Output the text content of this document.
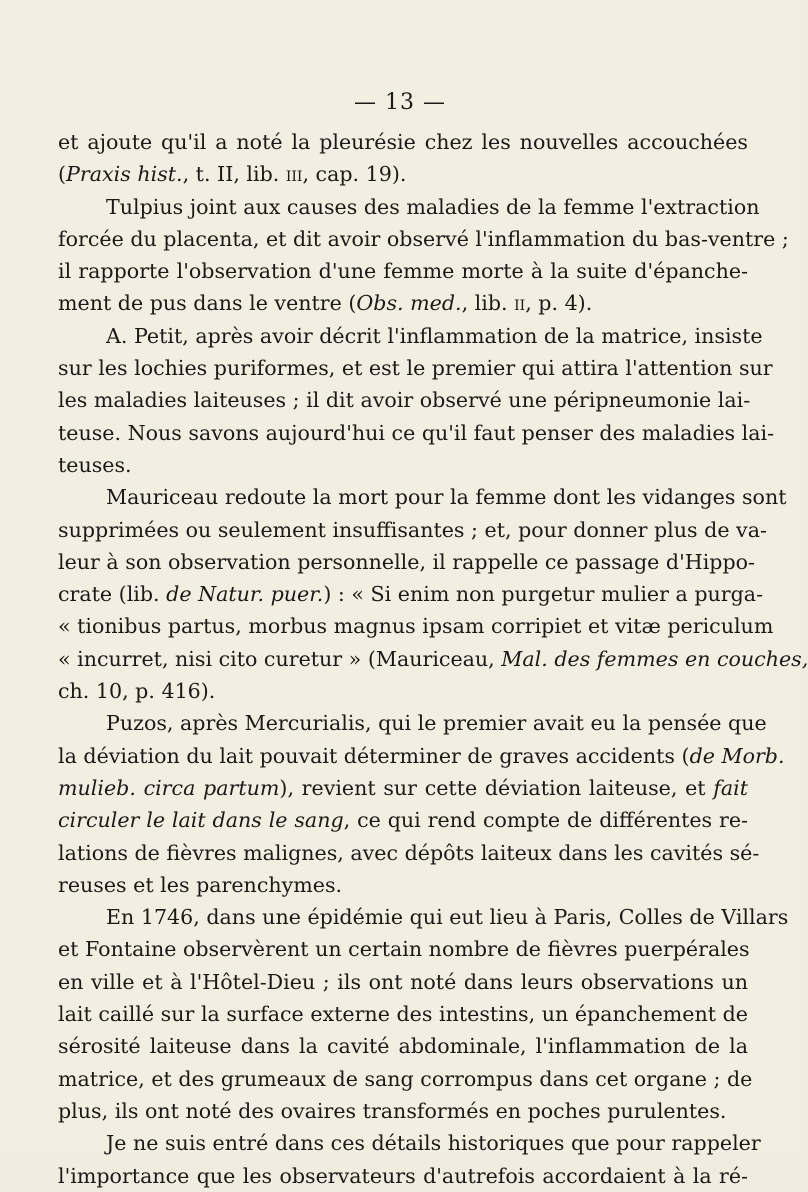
— 13 —
et ajoute qu'il a noté la pleurésie chez les nouvelles accouchées
(Praxis hist., t. II, lib. iii, cap. 19).
Tulpius joint aux causes des maladies de la femme l'extraction
forcée du placenta, et dit avoir observé l'inflammation du bas-ventre ;
il rapporte l'observation d'une femme morte à la suite d'épanche-
ment de pus dans le ventre (Obs. med., lib. ii, p. 4).
A. Petit, après avoir décrit l'inflammation de la matrice, insiste
sur les lochies puriformes, et est le premier qui attira l'attention sur
les maladies laiteuses ; il dit avoir observé une péripneumonie lai-
teuse. Nous savons aujourd'hui ce qu'il faut penser des maladies lai-
teuses.
Mauriceau redoute la mort pour la femme dont les vidanges sont
supprimées ou seulement insuffisantes ; et, pour donner plus de va-
leur à son observation personnelle, il rappelle ce passage d'Hippo-
crate (lib. de Natur. puer.) : « Si enim non purgetur mulier a purga-
« tionibus partus, morbus magnus ipsam corripiet et vitæ periculum
« incurret, nisi cito curetur » (Mauriceau, Mal. des femmes en couches,
ch. 10, p. 416).
Puzos, après Mercurialis, qui le premier avait eu la pensée que
la déviation du lait pouvait déterminer de graves accidents (de Morb.
mulieb. circa partum), revient sur cette déviation laiteuse, et fait
circuler le lait dans le sang, ce qui rend compte de différentes re-
lations de fièvres malignes, avec dépôts laiteux dans les cavités sé-
reuses et les parenchymes.
En 1746, dans une épidémie qui eut lieu à Paris, Colles de Villars
et Fontaine observèrent un certain nombre de fièvres puerpérales
en ville et à l'Hôtel-Dieu ; ils ont noté dans leurs observations un
lait caillé sur la surface externe des intestins, un épanchement de
sérosité laiteuse dans la cavité abdominale, l'inflammation de la
matrice, et des grumeaux de sang corrompus dans cet organe ; de
plus, ils ont noté des ovaires transformés en poches purulentes.
Je ne suis entré dans ces détails historiques que pour rappeler
l'importance que les observateurs d'autrefois accordaient à la ré-
